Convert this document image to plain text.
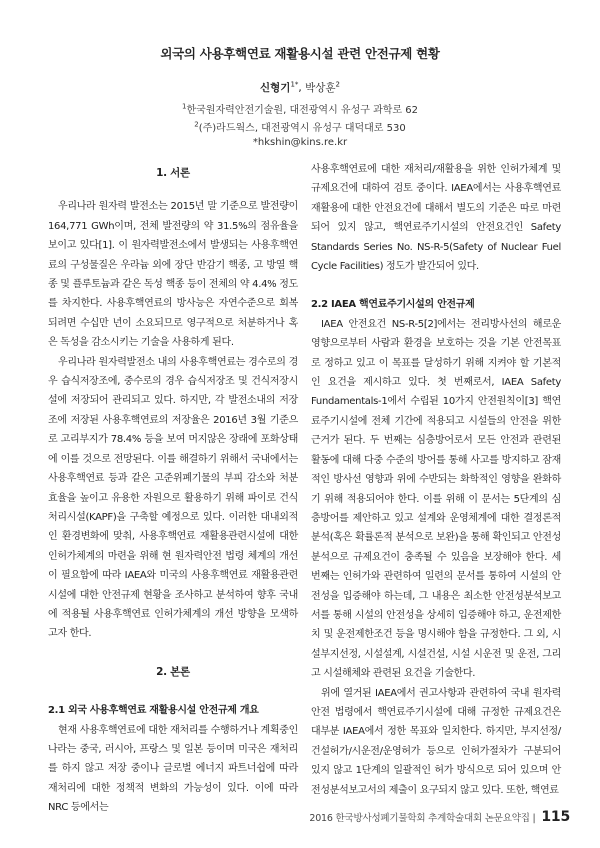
외국의 사용후핵연료 재활용시설 관련 안전규제 현황
신형기$^{1*}$, 박상훈$^2$
$^1$한국원자력안전기술원, 대전광역시 유성구 과학로 62
$^2$(주)라드웍스, 대전광역시 유성구 대덕대로 530
*hkshin@kins.re.kr
1. 서론

우리나라 원자력 발전소는 2015년 말 기준으로 발전량이 164,771 GWh이며, 전체 발전량의 약 31.5%의 점유율을 보이고 있다[1]. 이 원자력발전소에서 발생되는 사용후핵연료의 구성물질은 우라늄 외에 장단 반감기 핵종, 고 방열 핵종 및 플루토늄과 같은 독성 핵종 등이 전체의 약 4.4% 정도를 차지한다. 사용후핵연료의 방사능은 자연수준으로 회복되려면 수십만 년이 소요되므로 영구적으로 처분하거나 혹은 독성을 감소시키는 기술을 사용하게 된다.

우리나라 원자력발전소 내의 사용후핵연료는 경수로의 경우 습식저장조에, 중수로의 경우 습식저장조 및 건식저장시설에 저장되어 관리되고 있다. 하지만, 각 발전소내의 저장조에 저장된 사용후핵연료의 저장율은 2016년 3월 기준으로 고리부지가 78.4% 등을 보여 머지않은 장래에 포화상태에 이를 것으로 전망된다. 이를 해결하기 위해서 국내에서는 사용후핵연료 등과 같은 고준위폐기물의 부피 감소와 처분 효율을 높이고 유용한 자원으로 활용하기 위해 파이로 건식처리시설(KAPF)을 구축할 예정으로 있다. 이러한 대내외적인 환경변화에 맞춰, 사용후핵연료 재활용관련시설에 대한 인허가체계의 마련을 위해 현 원자력안전 법령 체계의 개선이 필요함에 따라 IAEA와 미국의 사용후핵연료 재활용관련시설에 대한 안전규제 현황을 조사하고 분석하여 향후 국내에 적용될 사용후핵연료 인허가체계의 개선 방향을 모색하고자 한다.

2. 본론
2.1 외국 사용후핵연료 재활용시설 안전규제 개요

현재 사용후핵연료에 대한 재처리를 수행하거나 계획중인 나라는 중국, 러시아, 프랑스 및 일본 등이며 미국은 재처리를 하지 않고 저장 중이나 글로벌 에너지 파트너쉽에 따라 재처리에 대한 정책적 변화의 가능성이 있다. 이에 따라 NRC 등에서는

사용후핵연료에 대한 재처리/재활용을 위한 인허가체계 및 규제요건에 대하여 검토 중이다. IAEA에서는 사용후핵연료 재활용에 대한 안전요건에 대해서 별도의 기준은 따로 마련되어 있지 않고, 핵연료주기시설의 안전요건인 Safety Standards Series No. NS-R-5(Safety of Nuclear Fuel Cycle Facilities) 정도가 발간되어 있다.

2.2 IAEA 핵연료주기시설의 안전규제

IAEA 안전요건 NS-R-5[2]에서는 전리방사선의 해로운 영향으로부터 사람과 환경을 보호하는 것을 기본 안전목표로 정하고 있고 이 목표를 달성하기 위해 지켜야 할 기본적인 요건을 제시하고 있다. 첫 번째로서, IAEA Safety Fundamentals-1에서 수립된 10가지 안전원칙이[3] 핵연료주기시설에 전체 기간에 적용되고 시설들의 안전을 위한 근거가 된다. 두 번째는 심층방어로서 모든 안전과 관련된 활동에 대해 다중 수준의 방어를 통해 사고를 방지하고 잠재적인 방사선 영향과 위에 수반되는 화학적인 영향을 완화하기 위해 적용되어야 한다. 이를 위해 이 문서는 5단계의 심층방어를 제안하고 있고 설계와 운영체계에 대한 결정론적 분석(혹은 확률론적 분석으로 보완)을 통해 확인되고 안전성 분석으로 규제요건이 충족될 수 있음을 보장해야 한다. 세 번째는 인허가와 관련하여 일련의 문서를 통하여 시설의 안전성을 입증해야 하는데, 그 내용은 최소한 안전성분석보고서를 통해 시설의 안전성을 상세히 입증해야 하고, 운전제한치 및 운전제한조건 등을 명시해야 함을 규정한다. 그 외, 시설부지선정, 시설설계, 시설건설, 시설 시운전 및 운전, 그리고 시설해체와 관련된 요건을 기술한다.

위에 열거된 IAEA에서 권고사항과 관련하여 국내 원자력안전 법령에서 핵연료주기시설에 대해 규정한 규제요건은 대부분 IAEA에서 정한 목표와 일치한다. 하지만, 부지선정/건설허가/시운전/운영허가 등으로 인허가절차가 구분되어 있지 않고 1단계의 일괄적인 허가 방식으로 되어 있으며 안전성분석보고서의 제출이 요구되지 않고 있다. 또한, 핵연료

2016 한국방사성폐기물학회 추계학술대회 논문요약집 | 115
